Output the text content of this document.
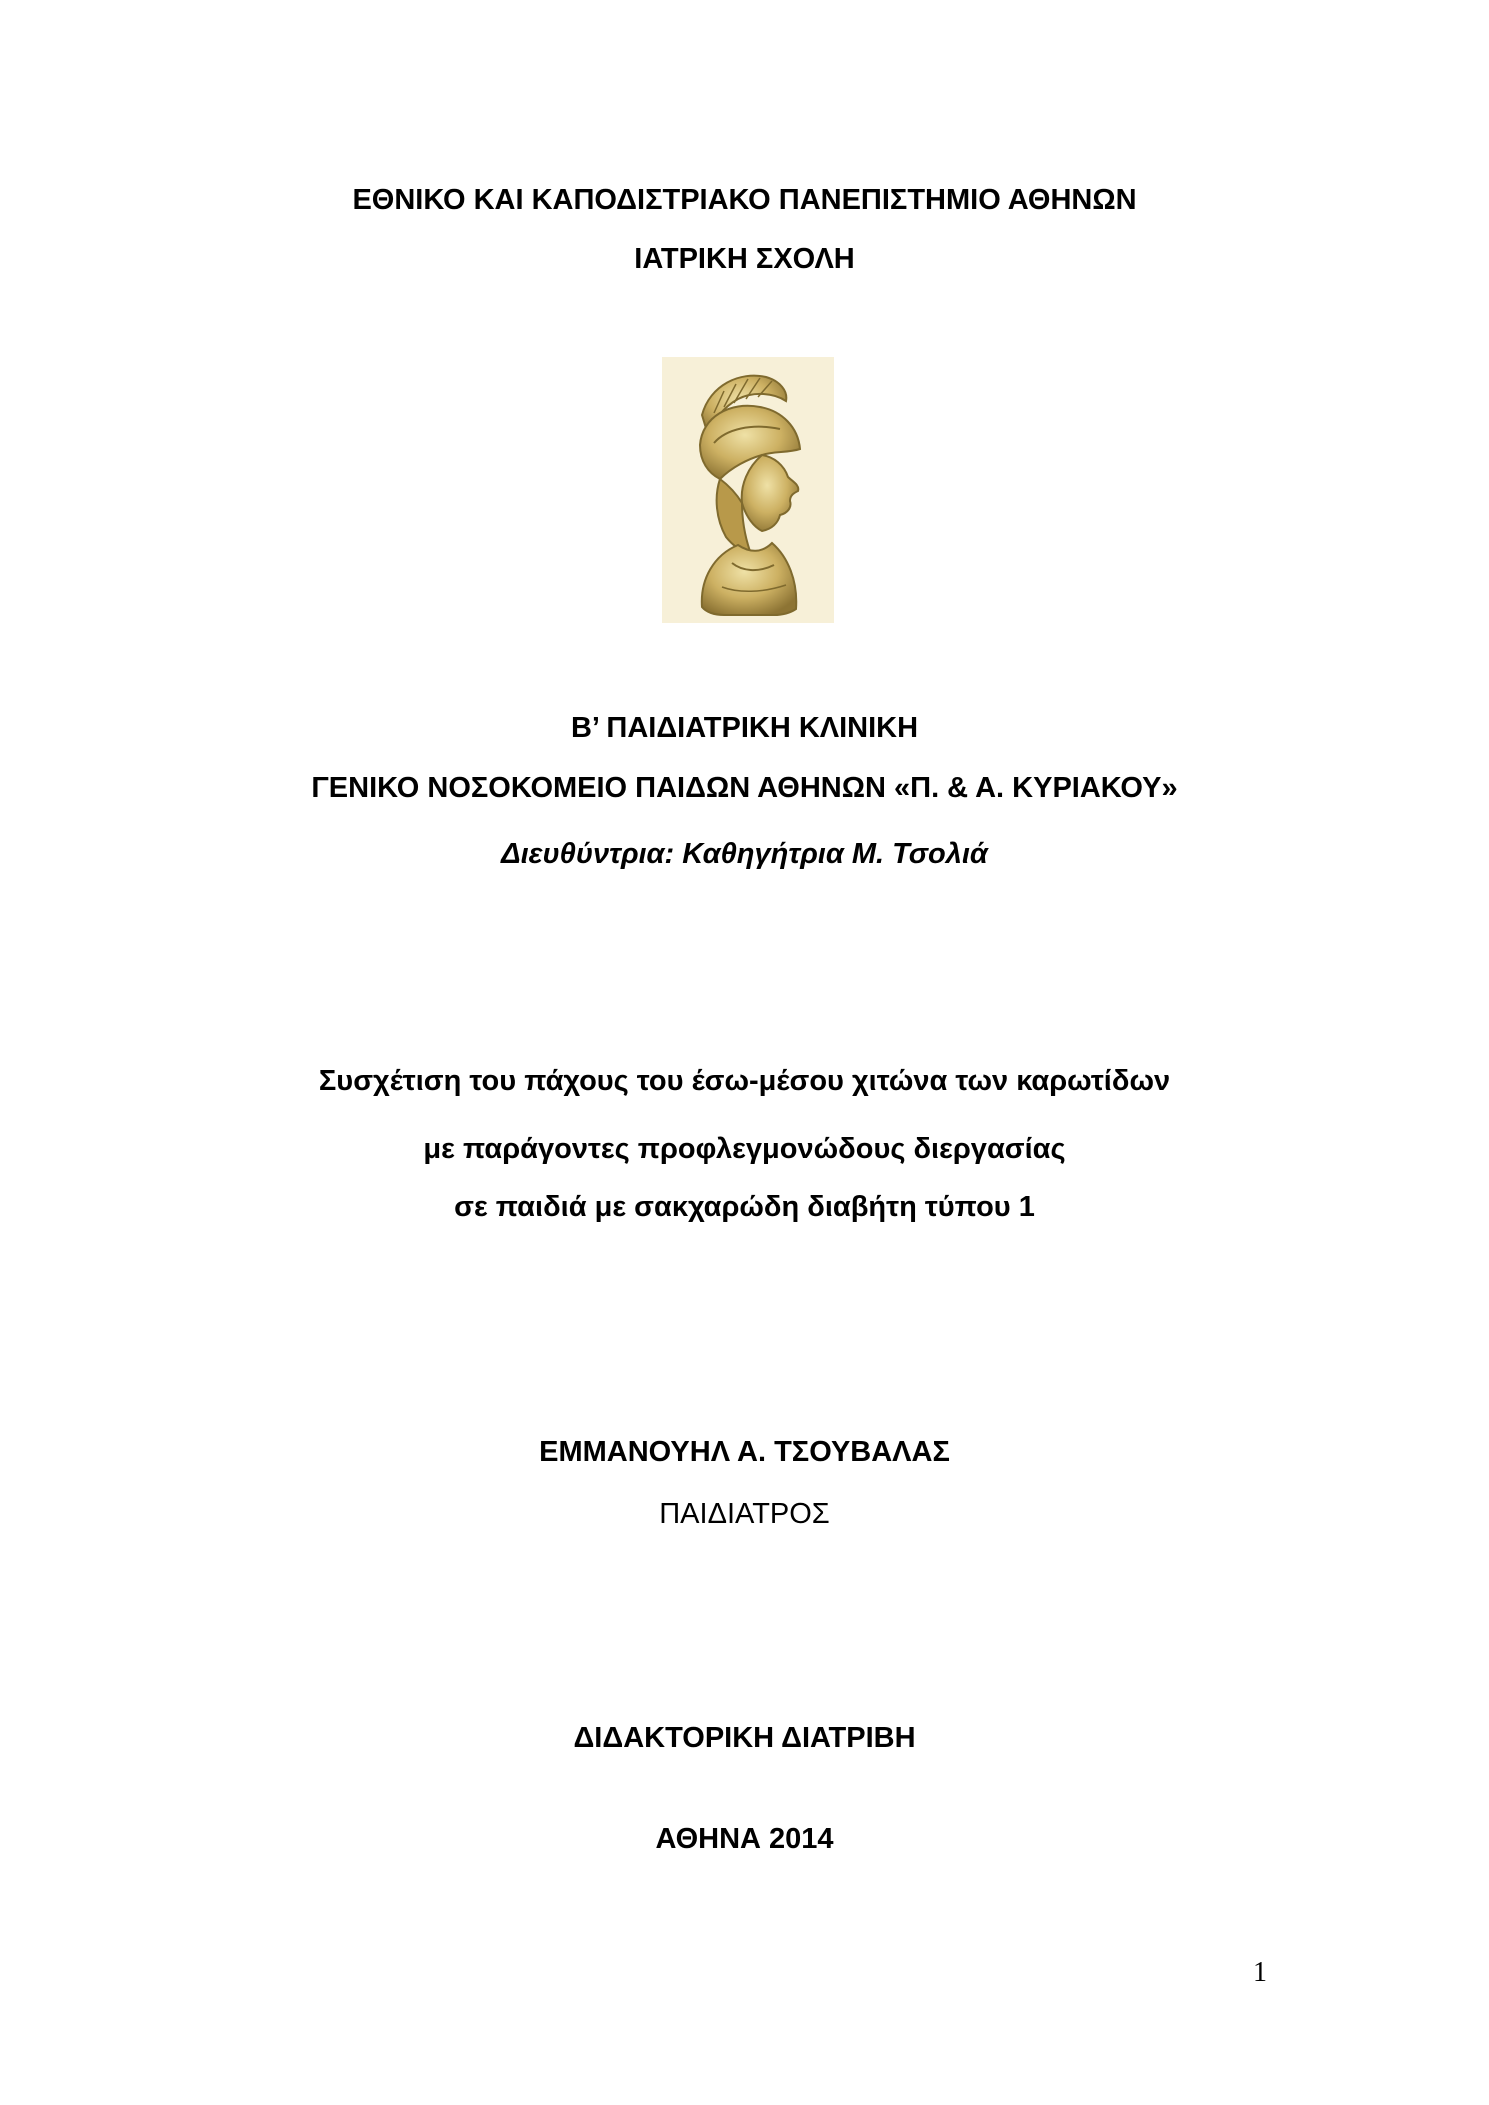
ΕΘΝΙΚΟ ΚΑΙ ΚΑΠΟΔΙΣΤΡΙΑΚΟ ΠΑΝΕΠΙΣΤΗΜΙΟ ΑΘΗΝΩΝ
ΙΑΤΡΙΚΗ ΣΧΟΛΗ
Β’ ΠΑΙΔΙΑΤΡΙΚΗ ΚΛΙΝΙΚΗ
ΓΕΝΙΚΟ ΝΟΣΟΚΟΜΕΙΟ ΠΑΙΔΩΝ ΑΘΗΝΩΝ «Π. & Α. ΚΥΡΙΑΚΟΥ»
Διευθύντρια: Καθηγήτρια Μ. Τσολιά
Συσχέτιση του πάχους του έσω-μέσου χιτώνα των καρωτίδων
με παράγοντες προφλεγμονώδους διεργασίας
σε παιδιά με σακχαρώδη διαβήτη τύπου 1
ΕΜΜΑΝΟΥΗΛ Α. ΤΣΟΥΒΑΛΑΣ
ΠΑΙΔΙΑΤΡΟΣ
ΔΙΔΑΚΤΟΡΙΚΗ ΔΙΑΤΡΙΒΗ
ΑΘΗΝΑ 2014
1
